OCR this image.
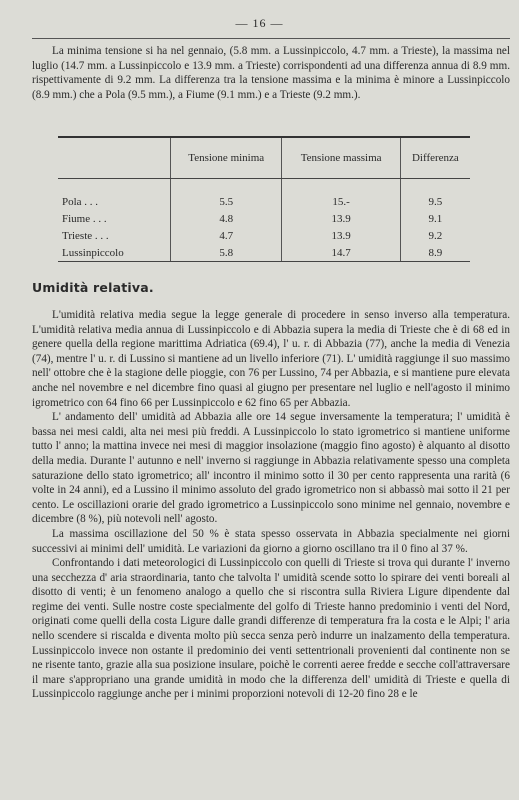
— 16 —

La minima tensione si ha nel gennaio, (5.8 mm. a Lussinpiccolo, 4.7 mm. a Trieste), la massima nel luglio (14.7 mm. a Lussinpiccolo e 13.9 mm. a Trieste) corrispondenti ad una differenza annua di 8.9 mm. rispettivamente di 9.2 mm. La differenza tra la tensione massima e la minima è minore a Lussinpiccolo (8.9 mm.) che a Pola (9.5 mm.), a Fiume (9.1 mm.) e a Trieste (9.2 mm.).

	Tensione minima	Tensione massima	Differenza

Pola . . .	5.5	15.-	9.5
Fiume . . .	4.8	13.9	9.1
Trieste . . .	4.7	13.9	9.2
Lussinpiccolo	5.8	14.7	8.9
Umidità relativa.

L'umidità relativa media segue la legge generale di procedere in senso inverso alla temperatura. L'umidità relativa media annua di Lussinpiccolo e di Abbazia supera la media di Trieste che è di 68 ed in genere quella della regione marittima Adriatica (69.4), l' u. r. di Abbazia (77), anche la media di Venezia (74), mentre l' u. r. di Lussino si mantiene ad un livello inferiore (71). L' umidità raggiunge il suo massimo nell' ottobre che è la stagione delle pioggie, con 76 per Lussino, 74 per Abbazia, e si mantiene pure elevata anche nel novembre e nel dicembre fino quasi al giugno per presentare nel luglio e nell'agosto il minimo igrometrico con 64 fino 66 per Lussinpiccolo e 62 fino 65 per Abbazia.

L' andamento dell' umidità ad Abbazia alle ore 14 segue inversamente la temperatura; l' umidità è bassa nei mesi caldi, alta nei mesi più freddi. A Lussinpiccolo lo stato igrometrico si mantiene uniforme tutto l' anno; la mattina invece nei mesi di maggior insolazione (maggio fino agosto) è alquanto al disotto della media. Durante l' autunno e nell' inverno si raggiunge in Abbazia relativamente spesso una completa saturazione dello stato igrometrico; all' incontro il minimo sotto il 30 per cento rappresenta una rarità (6 volte in 24 anni), ed a Lussino il minimo assoluto del grado igrometrico non si abbassò mai sotto il 21 per cento. Le oscillazioni orarie del grado igrometrico a Lussinpiccolo sono minime nel gennaio, novembre e dicembre (8 %), più notevoli nell' agosto.

La massima oscillazione del 50 % è stata spesso osservata in Abbazia specialmente nei giorni successivi ai minimi dell' umidità. Le variazioni da giorno a giorno oscillano tra il 0 fino al 37 %.

Confrontando i dati meteorologici di Lussinpiccolo con quelli di Trieste si trova qui durante l' inverno una secchezza d' aria straordinaria, tanto che talvolta l' umidità scende sotto lo spirare dei venti boreali al disotto di venti; è un fenomeno analogo a quello che si riscontra sulla Riviera Ligure dipendente dal regime dei venti. Sulle nostre coste specialmente del golfo di Trieste hanno predominio i venti del Nord, originati come quelli della costa Ligure dalle grandi differenze di temperatura fra la costa e le Alpi; l' aria nello scendere si riscalda e diventa molto più secca senza però indurre un inalzamento della temperatura. Lussinpiccolo invece non ostante il predominio dei venti settentrionali provenienti dal continente non se ne risente tanto, grazie alla sua posizione insulare, poichè le correnti aeree fredde e secche coll'attraversare il mare s'appropriano una grande umidità in modo che la differenza dell' umidità di Trieste e quella di Lussinpiccolo raggiunge anche per i minimi proporzioni notevoli di 12-20 fino 28 e le
